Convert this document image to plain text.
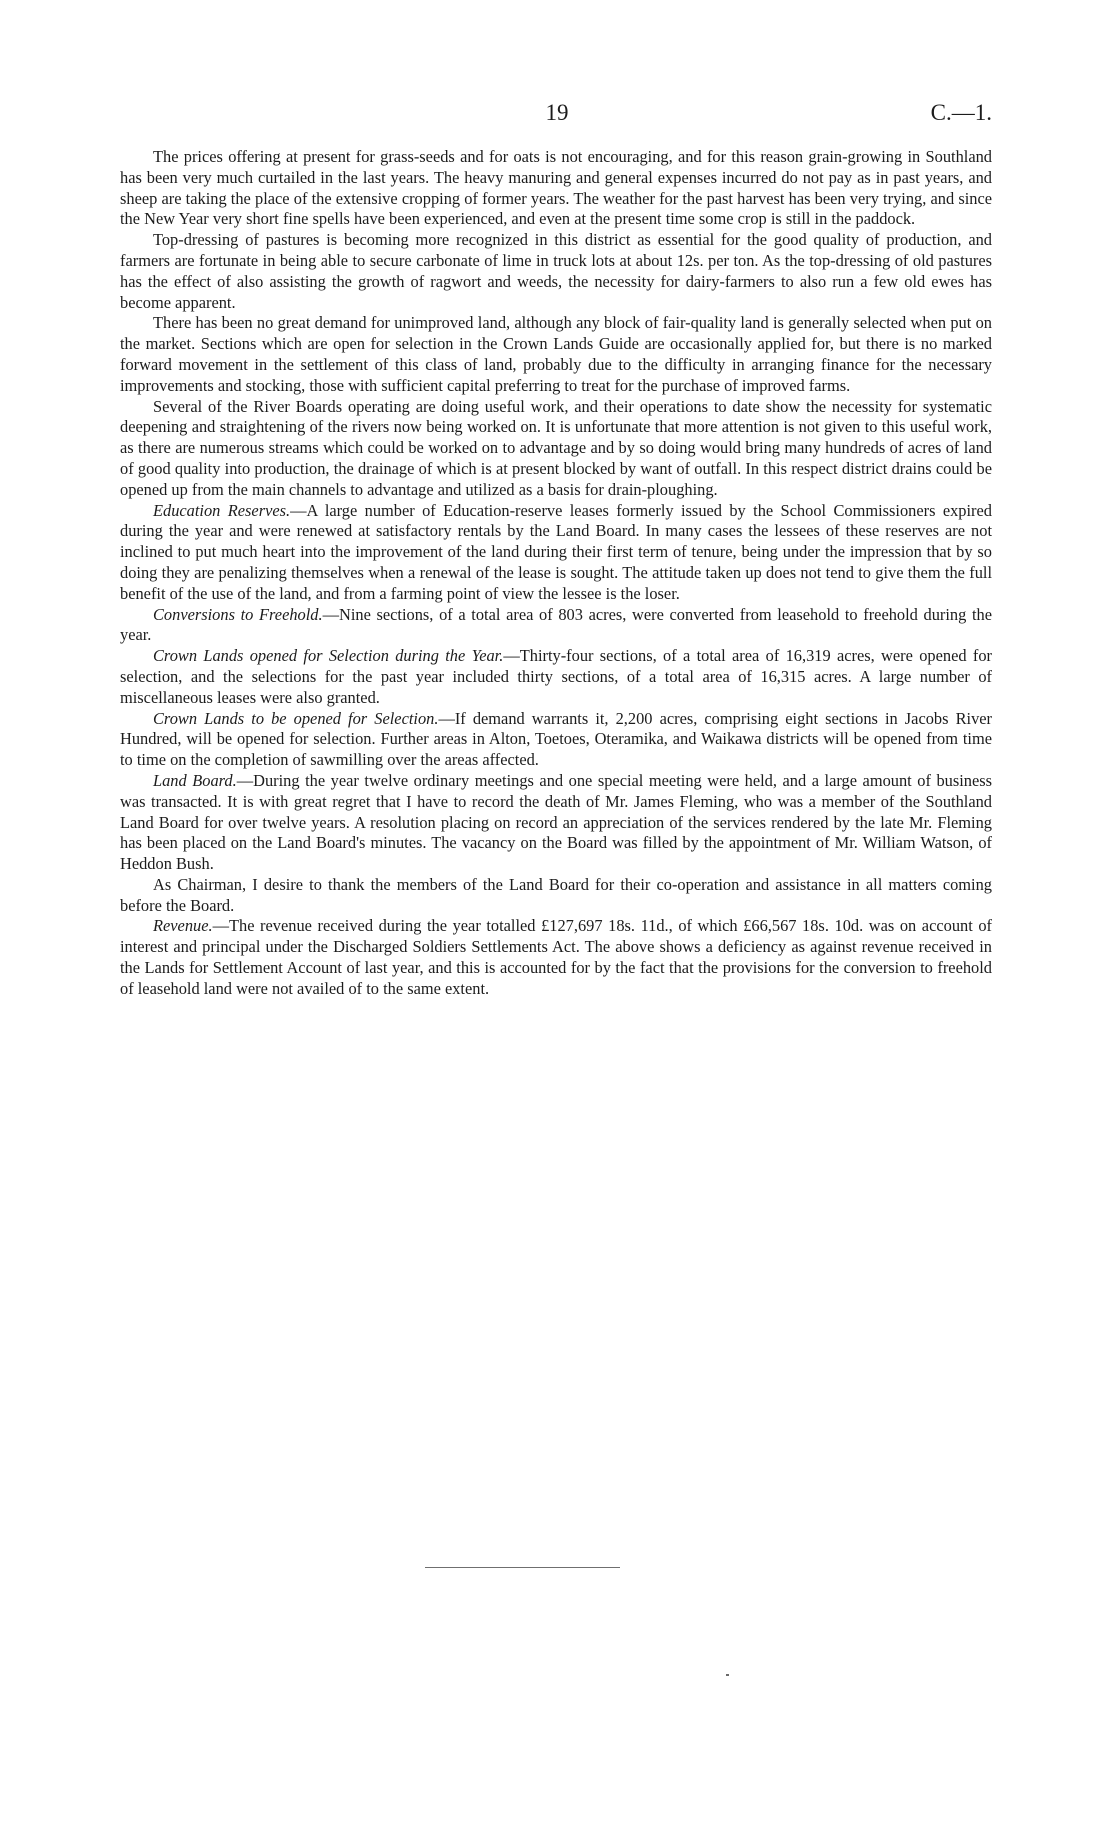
19	C.—1.

The prices offering at present for grass-seeds and for oats is not encouraging, and for this reason grain-growing in Southland has been very much curtailed in the last years. The heavy manuring and general expenses incurred do not pay as in past years, and sheep are taking the place of the extensive cropping of former years. The weather for the past harvest has been very trying, and since the New Year very short fine spells have been experienced, and even at the present time some crop is still in the paddock.

Top-dressing of pastures is becoming more recognized in this district as essential for the good quality of production, and farmers are fortunate in being able to secure carbonate of lime in truck lots at about 12s. per ton. As the top-dressing of old pastures has the effect of also assisting the growth of ragwort and weeds, the necessity for dairy-farmers to also run a few old ewes has become apparent.

There has been no great demand for unimproved land, although any block of fair-quality land is generally selected when put on the market. Sections which are open for selection in the Crown Lands Guide are occasionally applied for, but there is no marked forward movement in the settlement of this class of land, probably due to the difficulty in arranging finance for the necessary improvements and stocking, those with sufficient capital preferring to treat for the purchase of improved farms.

Several of the River Boards operating are doing useful work, and their operations to date show the necessity for systematic deepening and straightening of the rivers now being worked on. It is unfortunate that more attention is not given to this useful work, as there are numerous streams which could be worked on to advantage and by so doing would bring many hundreds of acres of land of good quality into production, the drainage of which is at present blocked by want of outfall. In this respect district drains could be opened up from the main channels to advantage and utilized as a basis for drain-ploughing.

Education Reserves.—A large number of Education-reserve leases formerly issued by the School Commissioners expired during the year and were renewed at satisfactory rentals by the Land Board. In many cases the lessees of these reserves are not inclined to put much heart into the improvement of the land during their first term of tenure, being under the impression that by so doing they are penalizing themselves when a renewal of the lease is sought. The attitude taken up does not tend to give them the full benefit of the use of the land, and from a farming point of view the lessee is the loser.

Conversions to Freehold.—Nine sections, of a total area of 803 acres, were converted from leasehold to freehold during the year.

Crown Lands opened for Selection during the Year.—Thirty-four sections, of a total area of 16,319 acres, were opened for selection, and the selections for the past year included thirty sections, of a total area of 16,315 acres. A large number of miscellaneous leases were also granted.

Crown Lands to be opened for Selection.—If demand warrants it, 2,200 acres, comprising eight sections in Jacobs River Hundred, will be opened for selection. Further areas in Alton, Toetoes, Oteramika, and Waikawa districts will be opened from time to time on the completion of sawmilling over the areas affected.

Land Board.—During the year twelve ordinary meetings and one special meeting were held, and a large amount of business was transacted. It is with great regret that I have to record the death of Mr. James Fleming, who was a member of the Southland Land Board for over twelve years. A resolution placing on record an appreciation of the services rendered by the late Mr. Fleming has been placed on the Land Board's minutes. The vacancy on the Board was filled by the appointment of Mr. William Watson, of Heddon Bush.

As Chairman, I desire to thank the members of the Land Board for their co-operation and assistance in all matters coming before the Board.

Revenue.—The revenue received during the year totalled £127,697 18s. 11d., of which £66,567 18s. 10d. was on account of interest and principal under the Discharged Soldiers Settlements Act. The above shows a deficiency as against revenue received in the Lands for Settlement Account of last year, and this is accounted for by the fact that the provisions for the conversion to freehold of leasehold land were not availed of to the same extent.
